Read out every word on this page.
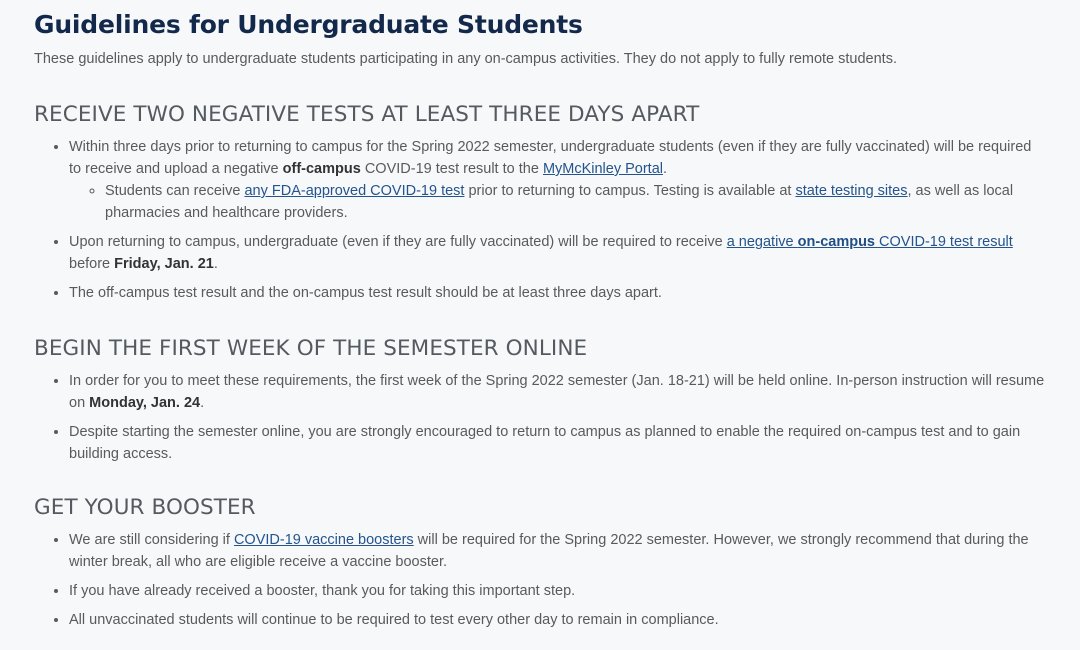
Guidelines for Undergraduate Students

These guidelines apply to undergraduate students participating in any on-campus activities. They do not apply to fully remote students.

RECEIVE TWO NEGATIVE TESTS AT LEAST THREE DAYS APART
• Within three days prior to returning to campus for the Spring 2022 semester, undergraduate students (even if they are fully vaccinated) will be required to receive and upload a negative off-campus COVID-19 test result to the MyMcKinley Portal.
◦ Students can receive any FDA-approved COVID-19 test prior to returning to campus. Testing is available at state testing sites, as well as local pharmacies and healthcare providers.
• Upon returning to campus, undergraduate (even if they are fully vaccinated) will be required to receive a negative on-campus COVID-19 test result before Friday, Jan. 21.
• The off-campus test result and the on-campus test result should be at least three days apart.
BEGIN THE FIRST WEEK OF THE SEMESTER ONLINE
• In order for you to meet these requirements, the first week of the Spring 2022 semester (Jan. 18-21) will be held online. In-person instruction will resume on Monday, Jan. 24.
• Despite starting the semester online, you are strongly encouraged to return to campus as planned to enable the required on-campus test and to gain building access.
GET YOUR BOOSTER
• We are still considering if COVID-19 vaccine boosters will be required for the Spring 2022 semester. However, we strongly recommend that during the winter break, all who are eligible receive a vaccine booster.
• If you have already received a booster, thank you for taking this important step.
• All unvaccinated students will continue to be required to test every other day to remain in compliance.
